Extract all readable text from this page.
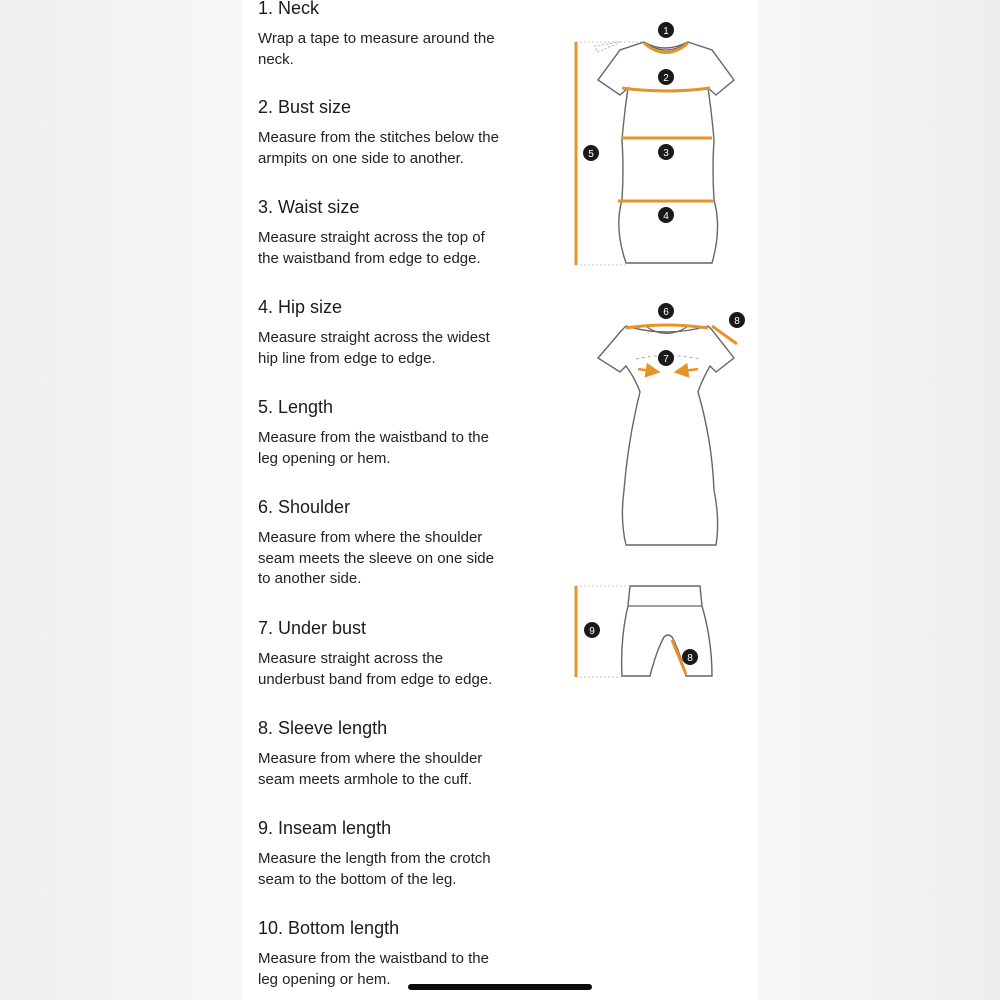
1. Neck

Wrap a tape to measure around the
neck.

2. Bust size

Measure from the stitches below the
armpits on one side to another.

3. Waist size

Measure straight across the top of
the waistband from edge to edge.

4. Hip size

Measure straight across the widest
hip line from edge to edge.

5. Length

Measure from the waistband to the
leg opening or hem.

6. Shoulder

Measure from where the shoulder
seam meets the sleeve on one side
to another side.

7. Under bust

Measure straight across the
underbust band from edge to edge.

8. Sleeve length

Measure from where the shoulder
seam meets armhole to the cuff.

9. Inseam length

Measure the length from the crotch
seam to the bottom of the leg.

10. Bottom length

Measure from the waistband to the
leg opening or hem.

1
2
3
4
5
6
7
8
9
8
